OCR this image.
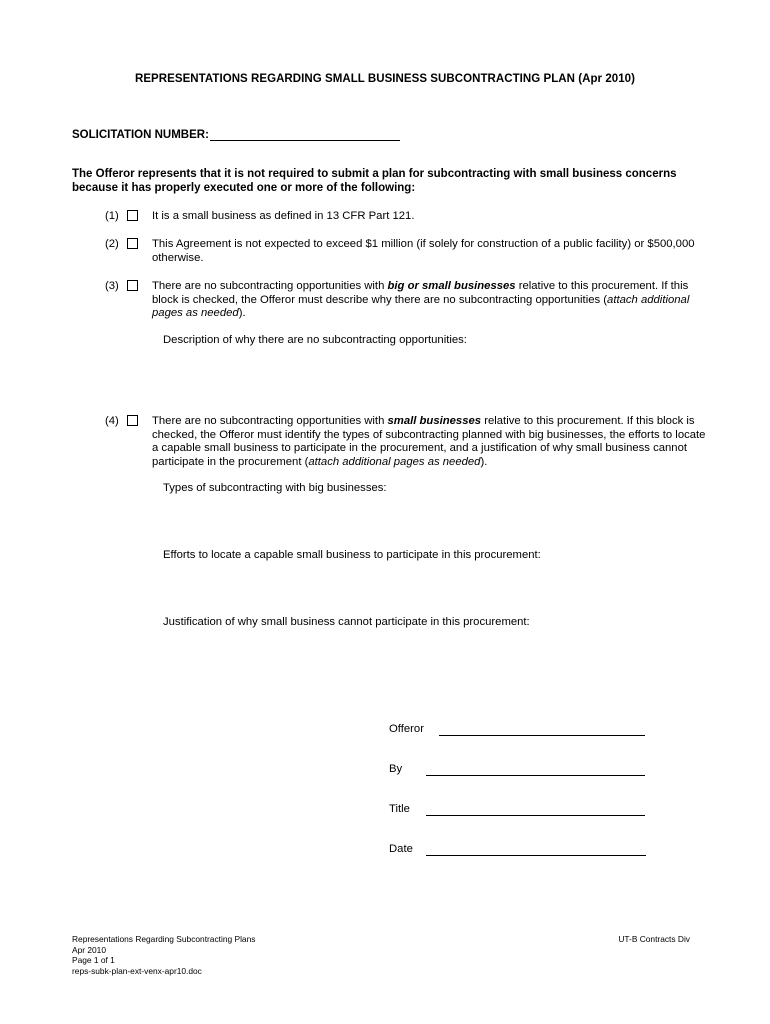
REPRESENTATIONS REGARDING SMALL BUSINESS SUBCONTRACTING PLAN (Apr 2010)
SOLICITATION NUMBER:
The Offeror represents that it is not required to submit a plan for subcontracting with small business concerns because it has properly executed one or more of the following:
(1)	It is a small business as defined in 13 CFR Part 121.
(2)	This Agreement is not expected to exceed $1 million (if solely for construction of a public facility) or $500,000 otherwise.
(3)	There are no subcontracting opportunities with big or small businesses relative to this procurement. If this block is checked, the Offeror must describe why there are no subcontracting opportunities (attach additional pages as needed).
Description of why there are no subcontracting opportunities:
(4)	There are no subcontracting opportunities with small businesses relative to this procurement. If this block is checked, the Offeror must identify the types of subcontracting planned with big businesses, the efforts to locate a capable small business to participate in the procurement, and a justification of why small business cannot participate in the procurement (attach additional pages as needed).
Types of subcontracting with big businesses:
Efforts to locate a capable small business to participate in this procurement:
Justification of why small business cannot participate in this procurement:
Offeror
By
Title
Date
Representations Regarding Subcontracting Plans
Apr 2010
Page 1 of 1
reps-subk-plan-ext-venx-apr10.doc
UT-B Contracts Div
